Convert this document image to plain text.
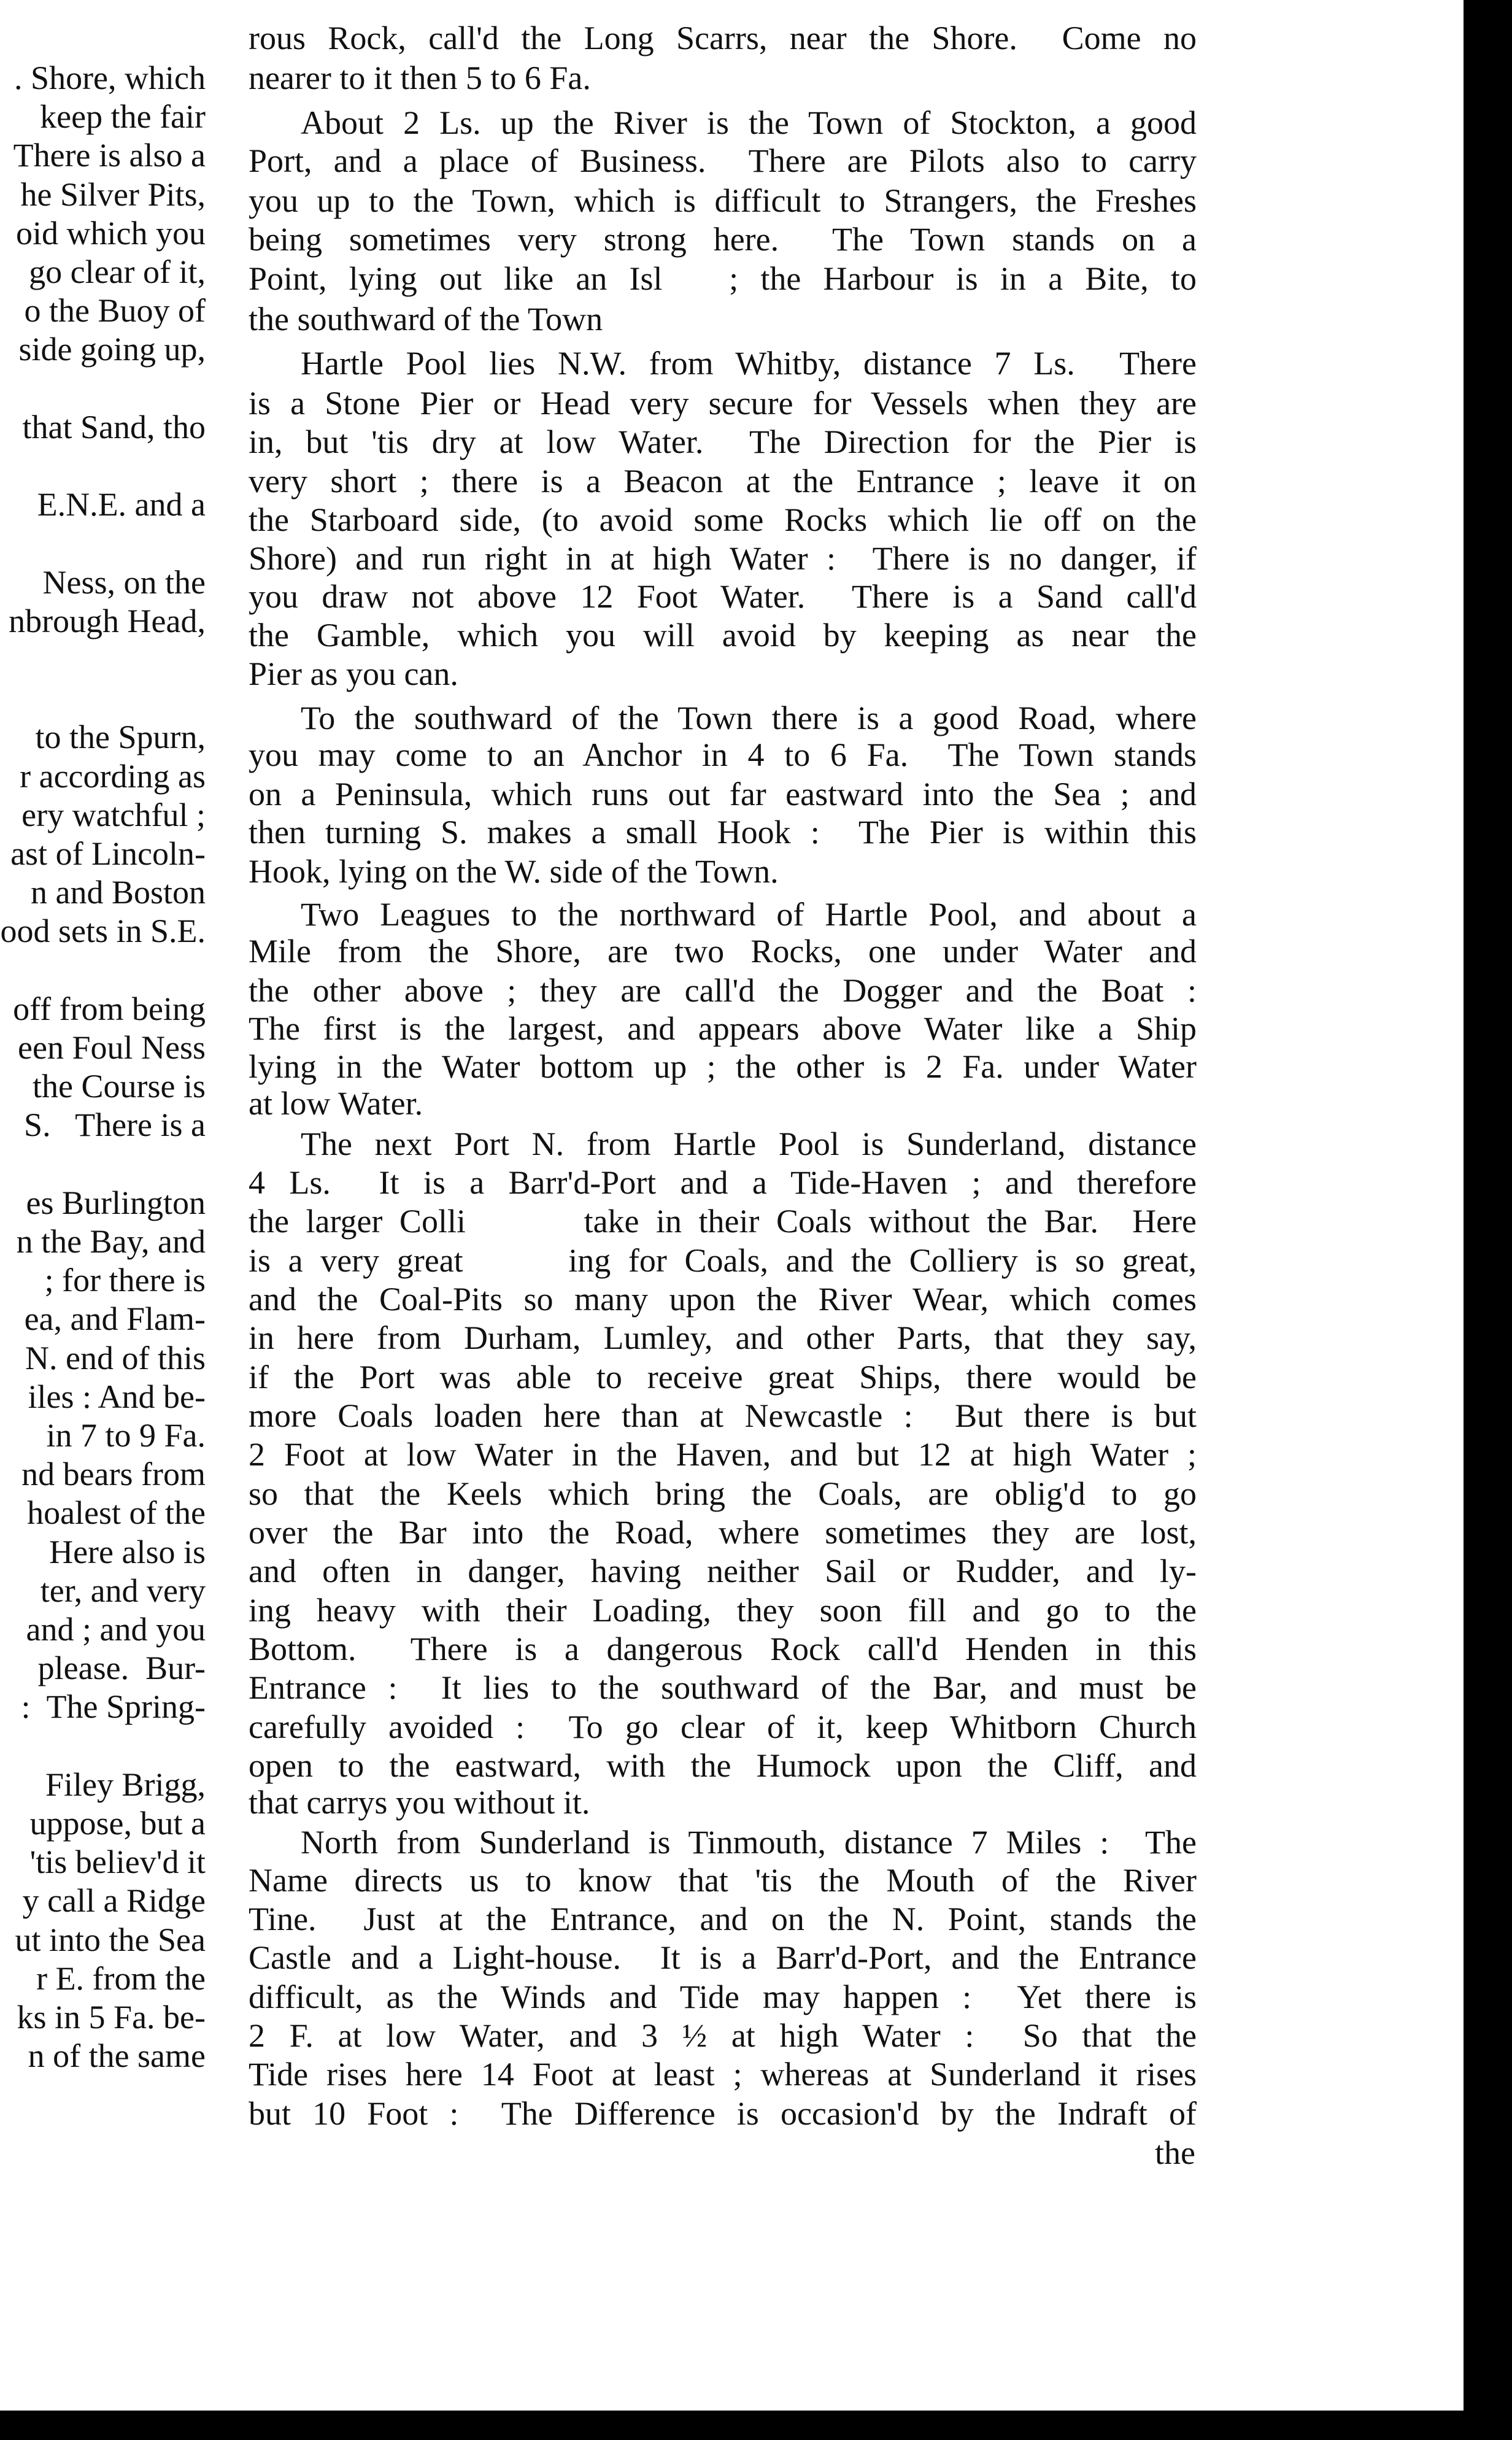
. Shore, which
keep the fair
There is also a
he Silver Pits,
oid which you
go clear of it,
o the Buoy of
side going up,
that Sand, tho
E.N.E. and a
Ness, on the
nbrough Head,
to the Spurn,
r according as
ery watchful ;
ast of Lincoln-
n and Boston
ood sets in S.E.
off from being
een Foul Ness
the Course is
S.   There is a
es Burlington
n the Bay, and
; for there is
ea, and Flam-
N. end of this
iles : And be-
in 7 to 9 Fa.
nd bears from
hoalest of the
Here also is
ter, and very
and ; and you
please.  Bur-
:  The Spring-
Filey Brigg,
uppose, but a
'tis believ'd it
y call a Ridge
ut into the Sea
r E. from the
ks in 5 Fa. be-
n of the same
rous Rock, call'd the Long Scarrs, near the Shore.  Come no
nearer to it then 5 to 6 Fa.
About 2 Ls. up the River is the Town of Stockton, a good
Port, and a place of Business.  There are Pilots also to carry
you up to the Town, which is difficult to Strangers, the Freshes
being sometimes very strong here.  The Town stands on a
Point, lying out like an Isl   ; the Harbour is in a Bite, to
the southward of the Town
Hartle Pool lies N.W. from Whitby, distance 7 Ls.  There
is a Stone Pier or Head very secure for Vessels when they are
in, but 'tis dry at low Water.  The Direction for the Pier is
very short ; there is a Beacon at the Entrance ; leave it on
the Starboard side, (to avoid some Rocks which lie off on the
Shore) and run right in at high Water :  There is no danger, if
you draw not above 12 Foot Water.  There is a Sand call'd
the Gamble, which you will avoid by keeping as near the
Pier as you can.
To the southward of the Town there is a good Road, where
you may come to an Anchor in 4 to 6 Fa.  The Town stands
on a Peninsula, which runs out far eastward into the Sea ; and
then turning S. makes a small Hook :  The Pier is within this
Hook, lying on the W. side of the Town.
Two Leagues to the northward of Hartle Pool, and about a
Mile from the Shore, are two Rocks, one under Water and
the other above ; they are call'd the Dogger and the Boat :
The first is the largest, and appears above Water like a Ship
lying in the Water bottom up ; the other is 2 Fa. under Water
at low Water.
The next Port N. from Hartle Pool is Sunderland, distance
4 Ls.  It is a Barr'd-Port and a Tide-Haven ; and therefore
the larger Colli       take in their Coals without the Bar.  Here
is a very great      ing for Coals, and the Colliery is so great,
and the Coal-Pits so many upon the River Wear, which comes
in here from Durham, Lumley, and other Parts, that they say,
if the Port was able to receive great Ships, there would be
more Coals loaden here than at Newcastle :  But there is but
2 Foot at low Water in the Haven, and but 12 at high Water ;
so that the Keels which bring the Coals, are oblig'd to go
over the Bar into the Road, where sometimes they are lost,
and often in danger, having neither Sail or Rudder, and ly-
ing heavy with their Loading, they soon fill and go to the
Bottom.  There is a dangerous Rock call'd Henden in this
Entrance :  It lies to the southward of the Bar, and must be
carefully avoided :  To go clear of it, keep Whitborn Church
open to the eastward, with the Humock upon the Cliff, and
that carrys you without it.
North from Sunderland is Tinmouth, distance 7 Miles :  The
Name directs us to know that 'tis the Mouth of the River
Tine.  Just at the Entrance, and on the N. Point, stands the
Castle and a Light-house.  It is a Barr'd-Port, and the Entrance
difficult, as the Winds and Tide may happen :  Yet there is
2 F. at low Water, and 3 ½ at high Water :  So that the
Tide rises here 14 Foot at least ; whereas at Sunderland it rises
but 10 Foot :  The Difference is occasion'd by the Indraft of
the
